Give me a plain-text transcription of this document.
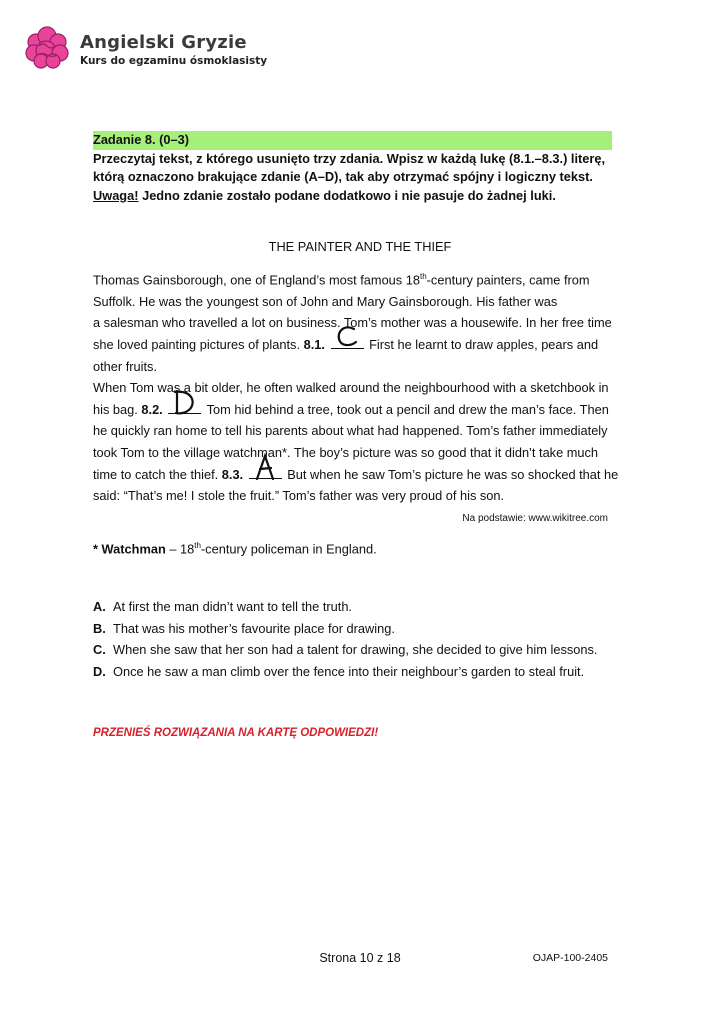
Angielski Gryzie
Kurs do egzaminu ósmoklasisty
Zadanie 8. (0–3)
Przeczytaj tekst, z którego usunięto trzy zdania. Wpisz w każdą lukę (8.1.–8.3.) literę,
którą oznaczono brakujące zdanie (A–D), tak aby otrzymać spójny i logiczny tekst.
Uwaga! Jedno zdanie zostało podane dodatkowo i nie pasuje do żadnej luki.
THE PAINTER AND THE THIEF
Thomas Gainsborough, one of England’s most famous 18th-century painters, came from
Suffolk. He was the youngest son of John and Mary Gainsborough. His father was
a salesman who travelled a lot on business. Tom’s mother was a housewife. In her free time
she loved painting pictures of plants. 8.1.	First he learnt to draw apples, pears and
other fruits.
When Tom was a bit older, he often walked around the neighbourhood with a sketchbook in
his bag. 8.2.	Tom hid behind a tree, took out a pencil and drew the man’s face. Then
he quickly ran home to tell his parents about what had happened. Tom’s father immediately
took Tom to the village watchman*. The boy’s picture was so good that it didn’t take much
time to catch the thief. 8.3.	But when he saw Tom’s picture he was so shocked that he
said: “That’s me! I stole the fruit.” Tom’s father was very proud of his son.
Na podstawie: www.wikitree.com
* Watchman – 18th-century policeman in England.
A. At first the man didn’t want to tell the truth.
B. That was his mother’s favourite place for drawing.
C. When she saw that her son had a talent for drawing, she decided to give him lessons.
D. Once he saw a man climb over the fence into their neighbour’s garden to steal fruit.
PRZENIEŚ ROZWIĄZANIA NA KARTĘ ODPOWIEDZI!
Strona 10 z 18	OJAP-100-2405
